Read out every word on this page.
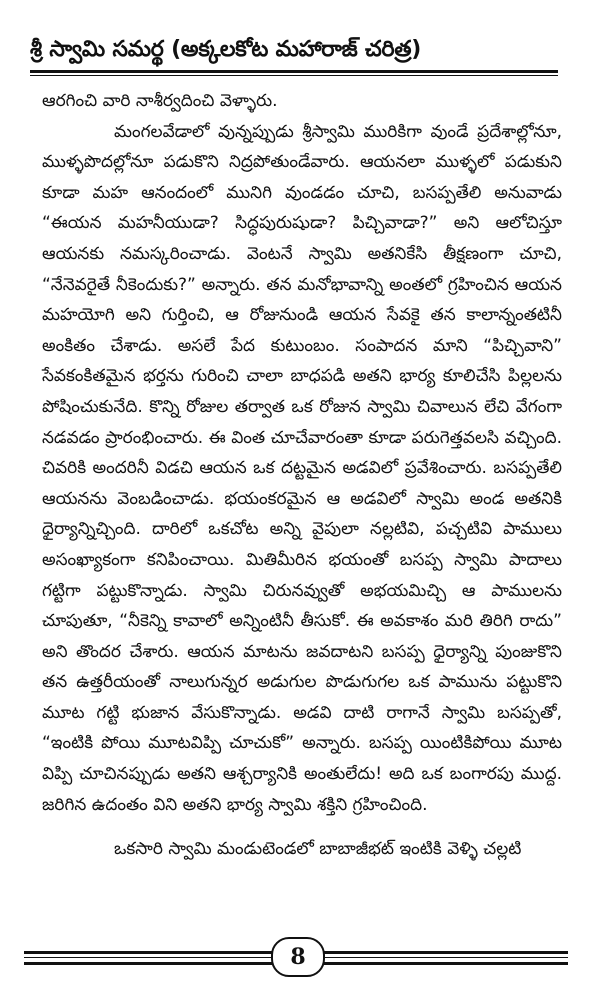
శ్రీ స్వామి సమర్థ (అక్కలకోట మహారాజ్ చరిత్ర)

ఆరగించి వారి నాశీర్వదించి వెళ్ళారు.

మంగలవేడాలో వున్నప్పుడు శ్రీస్వామి మురికిగా వుండే ప్రదేశాల్లోనూ, ముళ్ళపొదల్లోనూ పడుకొని నిద్రపోతుండేవారు. ఆయనలా ముళ్ళలో పడుకుని కూడా మహ ఆనందంలో మునిగి వుండడం చూచి, బసప్పతేలి అనువాడు “ఈయన మహనీయుడా? సిద్ధపురుషుడా? పిచ్చివాడా?” అని ఆలోచిస్తూ ఆయనకు నమస్కరించాడు. వెంటనే స్వామి అతనికేసి తీక్షణంగా చూచి, “నేనెవరైతే నీకెందుకు?” అన్నారు. తన మనోభావాన్ని అంతలో గ్రహించిన ఆయన మహయోగి అని గుర్తించి, ఆ రోజునుండి ఆయన సేవకై తన కాలాన్నంతటినీ అంకితం చేశాడు. అసలే పేద కుటుంబం. సంపాదన మాని “పిచ్చివాని” సేవకంకితమైన భర్తను గురించి చాలా బాధపడి అతని భార్య కూలిచేసి పిల్లలను పోషించుకునేది. కొన్ని రోజుల తర్వాత ఒక రోజున స్వామి చివాలున లేచి వేగంగా నడవడం ప్రారంభించారు. ఈ వింత చూచేవారంతా కూడా పరుగెత్తవలసి వచ్చింది. చివరికి అందరినీ విడచి ఆయన ఒక దట్టమైన అడవిలో ప్రవేశించారు. బసప్పతేలి ఆయనను వెంబడించాడు. భయంకరమైన ఆ అడవిలో స్వామి అండ అతనికి ధైర్యాన్నిచ్చింది. దారిలో ఒకచోట అన్ని వైపులా నల్లటివి, పచ్చటివి పాములు అసంఖ్యాకంగా కనిపించాయి. మితిమీరిన భయంతో బసప్ప స్వామి పాదాలు గట్టిగా పట్టుకొన్నాడు. స్వామి చిరునవ్వుతో అభయమిచ్చి ఆ పాములను చూపుతూ, “నీకెన్ని కావాలో అన్నింటినీ తీసుకో. ఈ అవకాశం మరి తిరిగి రాదు” అని తొందర చేశారు. ఆయన మాటను జవదాటని బసప్ప ధైర్యాన్ని పుంజుకొని తన ఉత్తరీయంతో నాలుగున్నర అడుగుల పొడుగుగల ఒక పామును పట్టుకొని మూట గట్టి భుజాన వేసుకొన్నాడు. అడవి దాటి రాగానే స్వామి బసప్పతో, “ఇంటికి పోయి మూటవిప్పి చూచుకో” అన్నారు. బసప్ప యింటికిపోయి మూట విప్పి చూచినప్పుడు అతని ఆశ్చర్యానికి అంతులేదు! అది ఒక బంగారపు ముద్ద. జరిగిన ఉదంతం విని అతని భార్య స్వామి శక్తిని గ్రహించింది.

ఒకసారి స్వామి మండుటెండలో బాబాజీభట్ ఇంటికి వెళ్ళి చల్లటి

8
